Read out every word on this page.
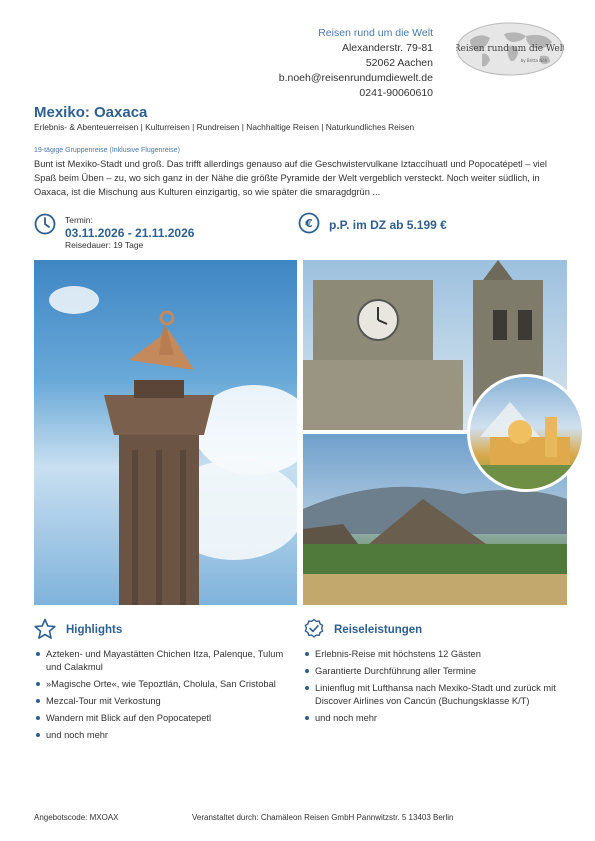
Reisen rund um die Welt
Alexanderstr. 79-81
52062 Aachen
b.noeh@reisenrundumdiewelt.de
0241-90060610
Reisen rund um die Welt
by Britta Nöh
Mexiko: Oaxaca
Erlebnis- & Abenteuerreisen | Kulturreisen | Rundreisen | Nachhaltige Reisen | Naturkundliches Reisen
19-tägige Gruppenreise (Inklusive Flugenreise)
Bunt ist Mexiko-Stadt und groß. Das trifft allerdings genauso auf die Geschwistervulkane Iztaccíhuatl und Popocatépetl – viel Spaß beim Üben – zu, wo sich ganz in der Nähe die größte Pyramide der Welt vergeblich versteckt. Noch weiter südlich, in Oaxaca, ist die Mischung aus Kulturen einzigartig, so wie später die smaragdgrün ...
Termin:
03.11.2026 - 21.11.2026
Reisedauer: 19 Tage
€ p.P. im DZ ab 5.199 €
Highlights
Azteken- und Mayastätten Chichen Itza, Palenque, Tulum und Calakmul
»Magische Orte«, wie Tepoztlán, Cholula, San Cristobal
Mezcal-Tour mit Verkostung
Wandern mit Blick auf den Popocatepetl
und noch mehr
Reiseleistungen
Erlebnis-Reise mit höchstens 12 Gästen
Garantierte Durchführung aller Termine
Linienflug mit Lufthansa nach Mexiko-Stadt und zurück mit Discover Airlines von Cancún (Buchungsklasse K/T)
und noch mehr
Angebotscode: MXOAX	Veranstaltet durch: Chamäleon Reisen GmbH Pannwitzstr. 5 13403 Berlin
